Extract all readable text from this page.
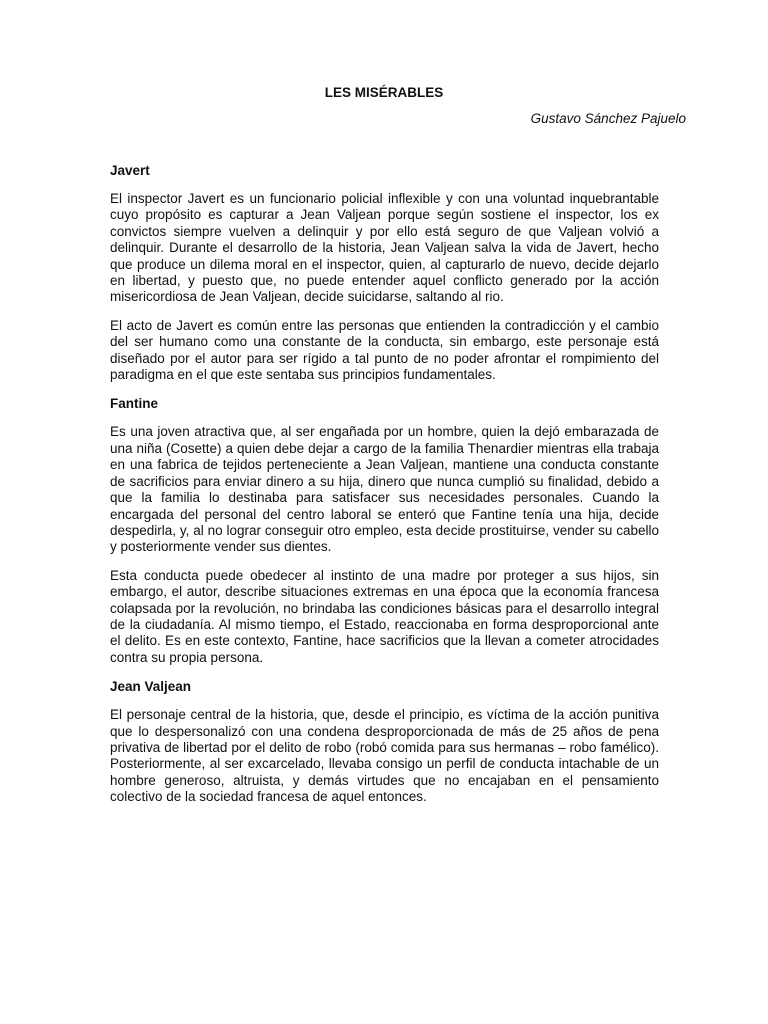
LES MISÉRABLES
Gustavo Sánchez Pajuelo
Javert

El inspector Javert es un funcionario policial inflexible y con una voluntad inquebrantable cuyo propósito es capturar a Jean Valjean porque según sostiene el inspector, los ex convictos siempre vuelven a delinquir y por ello está seguro de que Valjean volvió a delinquir. Durante el desarrollo de la historia, Jean Valjean salva la vida de Javert, hecho que produce un dilema moral en el inspector, quien, al capturarlo de nuevo, decide dejarlo en libertad, y puesto que, no puede entender aquel conflicto generado por la acción misericordiosa de Jean Valjean, decide suicidarse, saltando al rio.

El acto de Javert es común entre las personas que entienden la contradicción y el cambio del ser humano como una constante de la conducta, sin embargo, este personaje está diseñado por el autor para ser rígido a tal punto de no poder afrontar el rompimiento del paradigma en el que este sentaba sus principios fundamentales.

Fantine

Es una joven atractiva que, al ser engañada por un hombre, quien la dejó embarazada de una niña (Cosette) a quien debe dejar a cargo de la familia Thenardier mientras ella trabaja en una fabrica de tejidos perteneciente a Jean Valjean, mantiene una conducta constante de sacrificios para enviar dinero a su hija, dinero que nunca cumplió su finalidad, debido a que la familia lo destinaba para satisfacer sus necesidades personales. Cuando la encargada del personal del centro laboral se enteró que Fantine tenía una hija, decide despedirla, y, al no lograr conseguir otro empleo, esta decide prostituirse, vender su cabello y posteriormente vender sus dientes.

Esta conducta puede obedecer al instinto de una madre por proteger a sus hijos, sin embargo, el autor, describe situaciones extremas en una época que la economía francesa colapsada por la revolución, no brindaba las condiciones básicas para el desarrollo integral de la ciudadanía. Al mismo tiempo, el Estado, reaccionaba en forma desproporcional ante el delito. Es en este contexto, Fantine, hace sacrificios que la llevan a cometer atrocidades contra su propia persona.

Jean Valjean

El personaje central de la historia, que, desde el principio, es víctima de la acción punitiva que lo despersonalizó con una condena desproporcionada de más de 25 años de pena privativa de libertad por el delito de robo (robó comida para sus hermanas – robo famélico). Posteriormente, al ser excarcelado, llevaba consigo un perfil de conducta intachable de un hombre generoso, altruista, y demás virtudes que no encajaban en el pensamiento colectivo de la sociedad francesa de aquel entonces.
